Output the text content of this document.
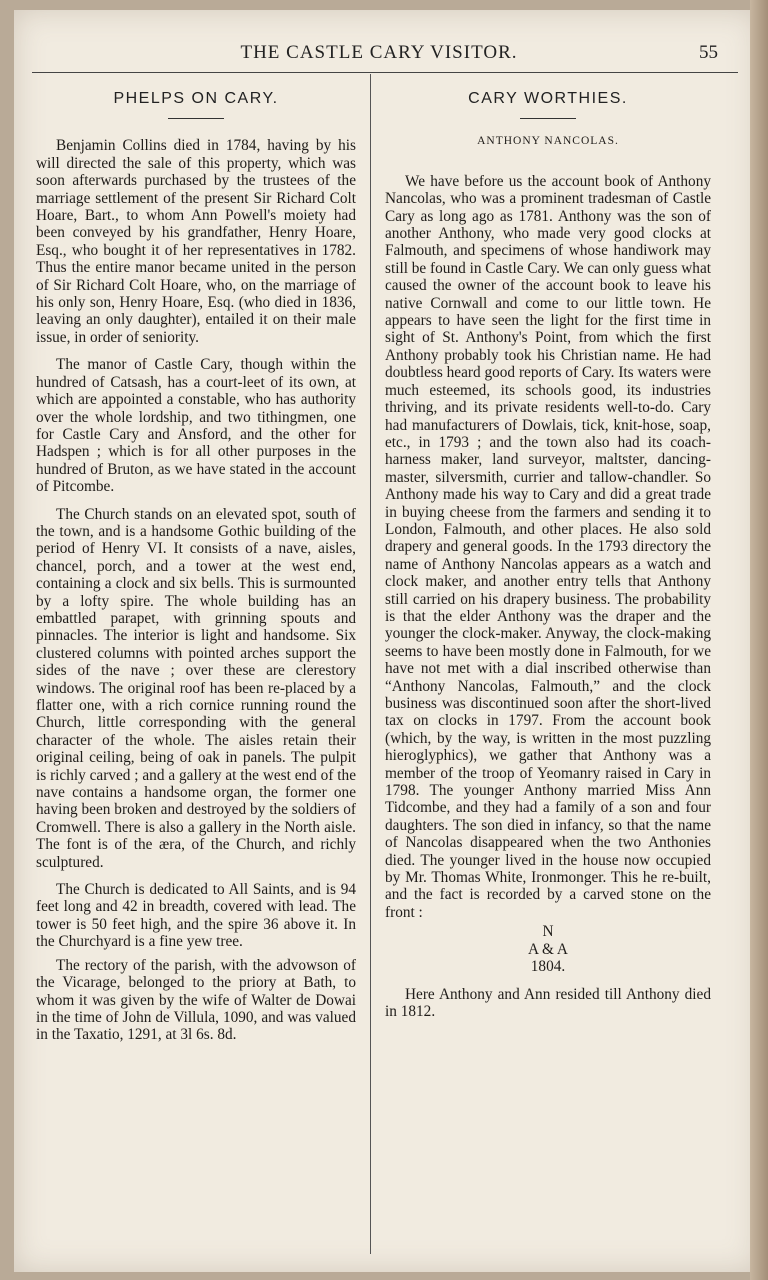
THE CASTLE CARY VISITOR.	55
PHELPS ON CARY.

Benjamin Collins died in 1784, having by his will directed the sale of this property, which was soon afterwards purchased by the trustees of the marriage settlement of the present Sir Richard Colt Hoare, Bart., to whom Ann Powell's moiety had been conveyed by his grandfather, Henry Hoare, Esq., who bought it of her representatives in 1782. Thus the entire manor became united in the person of Sir Richard Colt Hoare, who, on the marriage of his only son, Henry Hoare, Esq. (who died in 1836, leaving an only daughter), entailed it on their male issue, in order of seniority.

The manor of Castle Cary, though within the hundred of Catsash, has a court-leet of its own, at which are appointed a constable, who has authority over the whole lordship, and two tithingmen, one for Castle Cary and Ansford, and the other for Hadspen ; which is for all other purposes in the hundred of Bruton, as we have stated in the account of Pitcombe.

The Church stands on an elevated spot, south of the town, and is a handsome Gothic building of the period of Henry VI. It consists of a nave, aisles, chancel, porch, and a tower at the west end, containing a clock and six bells. This is surmounted by a lofty spire. The whole building has an embattled parapet, with grinning spouts and pinnacles. The interior is light and handsome. Six clustered columns with pointed arches support the sides of the nave ; over these are clerestory windows. The original roof has been re-placed by a flatter one, with a rich cornice running round the Church, little corresponding with the general character of the whole. The aisles retain their original ceiling, being of oak in panels. The pulpit is richly carved ; and a gallery at the west end of the nave contains a handsome organ, the former one having been broken and destroyed by the soldiers of Cromwell. There is also a gallery in the North aisle. The font is of the æra, of the Church, and richly sculptured.

The Church is dedicated to All Saints, and is 94 feet long and 42 in breadth, covered with lead. The tower is 50 feet high, and the spire 36 above it. In the Churchyard is a fine yew tree.

The rectory of the parish, with the advowson of the Vicarage, belonged to the priory at Bath, to whom it was given by the wife of Walter de Dowai in the time of John de Villula, 1090, and was valued in the Taxatio, 1291, at 3l 6s. 8d.

CARY WORTHIES.
ANTHONY NANCOLAS.

We have before us the account book of Anthony Nancolas, who was a prominent tradesman of Castle Cary as long ago as 1781. Anthony was the son of another Anthony, who made very good clocks at Falmouth, and specimens of whose handiwork may still be found in Castle Cary. We can only guess what caused the owner of the account book to leave his native Cornwall and come to our little town. He appears to have seen the light for the first time in sight of St. Anthony's Point, from which the first Anthony probably took his Christian name. He had doubtless heard good reports of Cary. Its waters were much esteemed, its schools good, its industries thriving, and its private residents well-to-do. Cary had manufacturers of Dowlais, tick, knit-hose, soap, etc., in 1793 ; and the town also had its coach-harness maker, land surveyor, maltster, dancing-master, silversmith, currier and tallow-chandler. So Anthony made his way to Cary and did a great trade in buying cheese from the farmers and sending it to London, Falmouth, and other places. He also sold drapery and general goods. In the 1793 directory the name of Anthony Nancolas appears as a watch and clock maker, and another entry tells that Anthony still carried on his drapery business. The probability is that the elder Anthony was the draper and the younger the clock-maker. Anyway, the clock-making seems to have been mostly done in Falmouth, for we have not met with a dial inscribed otherwise than “Anthony Nancolas, Falmouth,” and the clock business was discontinued soon after the short-lived tax on clocks in 1797. From the account book (which, by the way, is written in the most puzzling hieroglyphics), we gather that Anthony was a member of the troop of Yeomanry raised in Cary in 1798. The younger Anthony married Miss Ann Tidcombe, and they had a family of a son and four daughters. The son died in infancy, so that the name of Nancolas disappeared when the two Anthonies died. The younger lived in the house now occupied by Mr. Thomas White, Ironmonger. This he re-built, and the fact is recorded by a carved stone on the front :

N
A & A
1804.

Here Anthony and Ann resided till Anthony died in 1812.
